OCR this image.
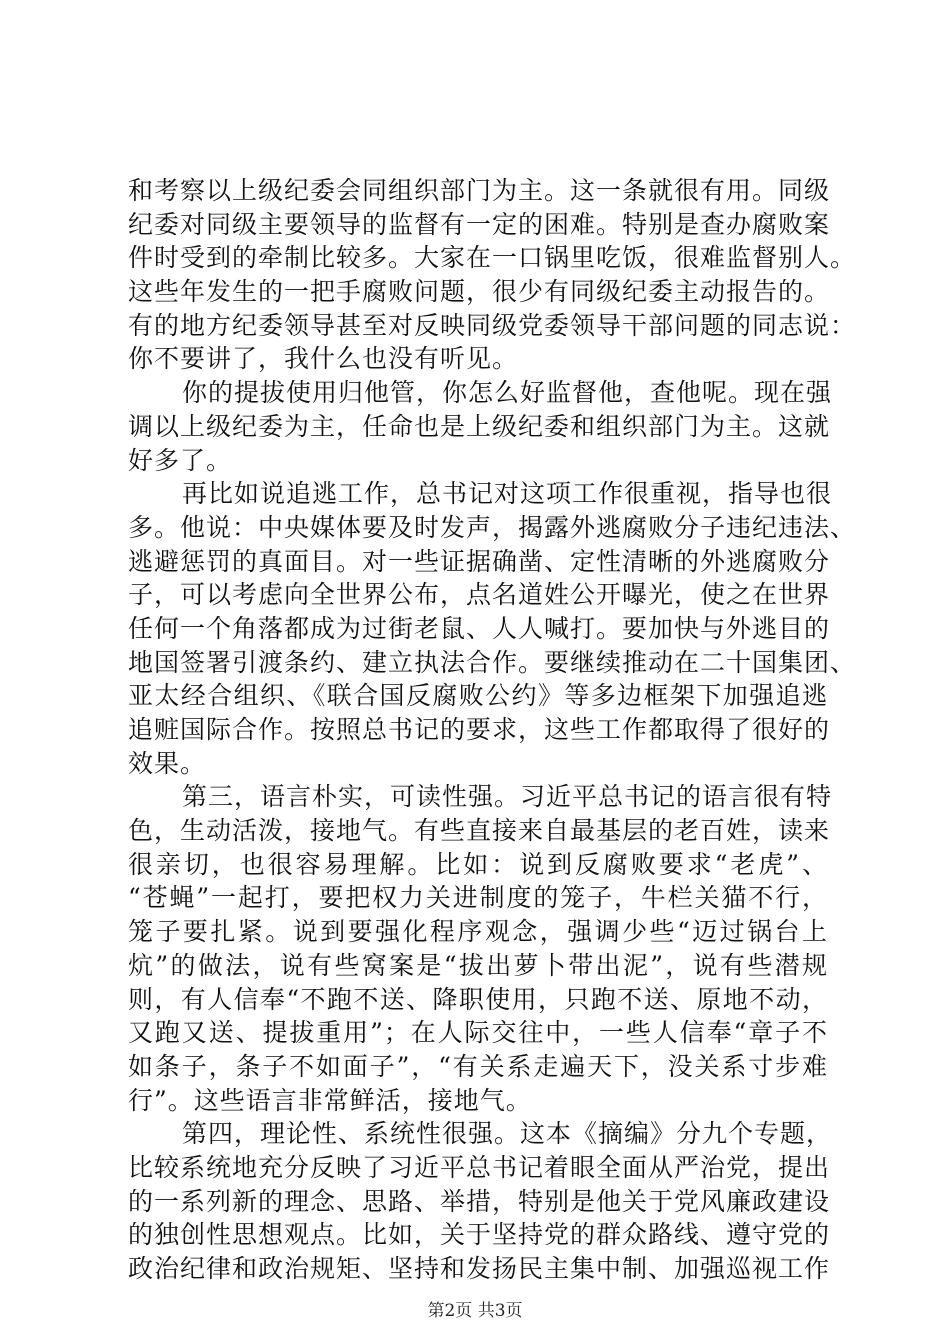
和考察以上级纪委会同组织部门为主。这一条就很有用。同级
纪委对同级主要领导的监督有一定的困难。特别是查办腐败案
件时受到的牵制比较多。大家在一口锅里吃饭，很难监督别人。
这些年发生的一把手腐败问题，很少有同级纪委主动报告的。
有的地方纪委领导甚至对反映同级党委领导干部问题的同志说：
你不要讲了，我什么也没有听见。
你的提拔使用归他管，你怎么好监督他，查他呢。现在强
调以上级纪委为主，任命也是上级纪委和组织部门为主。这就
好多了。
再比如说追逃工作，总书记对这项工作很重视，指导也很
多。他说：中央媒体要及时发声，揭露外逃腐败分子违纪违法、
逃避惩罚的真面目。对一些证据确凿、定性清晰的外逃腐败分
子，可以考虑向全世界公布，点名道姓公开曝光，使之在世界
任何一个角落都成为过街老鼠、人人喊打。要加快与外逃目的
地国签署引渡条约、建立执法合作。要继续推动在二十国集团、
亚太经合组织、《联合国反腐败公约》等多边框架下加强追逃
追赃国际合作。按照总书记的要求，这些工作都取得了很好的
效果。
第三，语言朴实，可读性强。习近平总书记的语言很有特
色，生动活泼，接地气。有些直接来自最基层的老百姓，读来
很亲切，也很容易理解。比如：说到反腐败要求“老虎”、
“苍蝇”一起打，要把权力关进制度的笼子，牛栏关猫不行，
笼子要扎紧。说到要强化程序观念，强调少些“迈过锅台上
炕”的做法，说有些窝案是“拔出萝卜带出泥”，说有些潜规
则，有人信奉“不跑不送、降职使用，只跑不送、原地不动，
又跑又送、提拔重用”；在人际交往中，一些人信奉“章子不
如条子，条子不如面子”，“有关系走遍天下，没关系寸步难
行”。这些语言非常鲜活，接地气。
第四，理论性、系统性很强。这本《摘编》分九个专题，
比较系统地充分反映了习近平总书记着眼全面从严治党，提出
的一系列新的理念、思路、举措，特别是他关于党风廉政建设
的独创性思想观点。比如，关于坚持党的群众路线、遵守党的
政治纪律和政治规矩、坚持和发扬民主集中制、加强巡视工作
第2页 共3页
